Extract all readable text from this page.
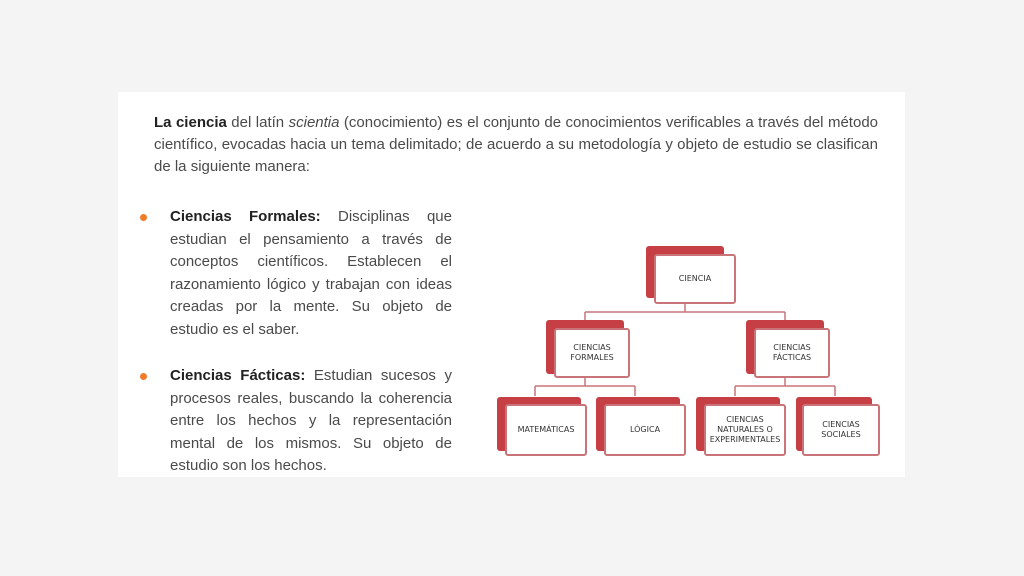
La ciencia del latín scientia (conocimiento) es el conjunto de conocimientos verificables a través del método científico, evocadas hacia un tema delimitado; de acuerdo a su metodología y objeto de estudio se clasifican de la siguiente manera:

Ciencias Formales: Disciplinas que estudian el pensamiento a través de conceptos científicos. Establecen el razonamiento lógico y trabajan con ideas creadas por la mente. Su objeto de estudio es el saber.
Ciencias Fácticas: Estudian sucesos y procesos reales, buscando la coherencia entre los hechos y la representación mental de los mismos. Su objeto de estudio son los hechos.
CIENCIA
CIENCIAS
FORMALES
CIENCIAS
FÁCTICAS
MATEMÁTICAS	LÓGICA
CIENCIAS
NATURALES O
EXPERIMENTALES
CIENCIAS
SOCIALES
